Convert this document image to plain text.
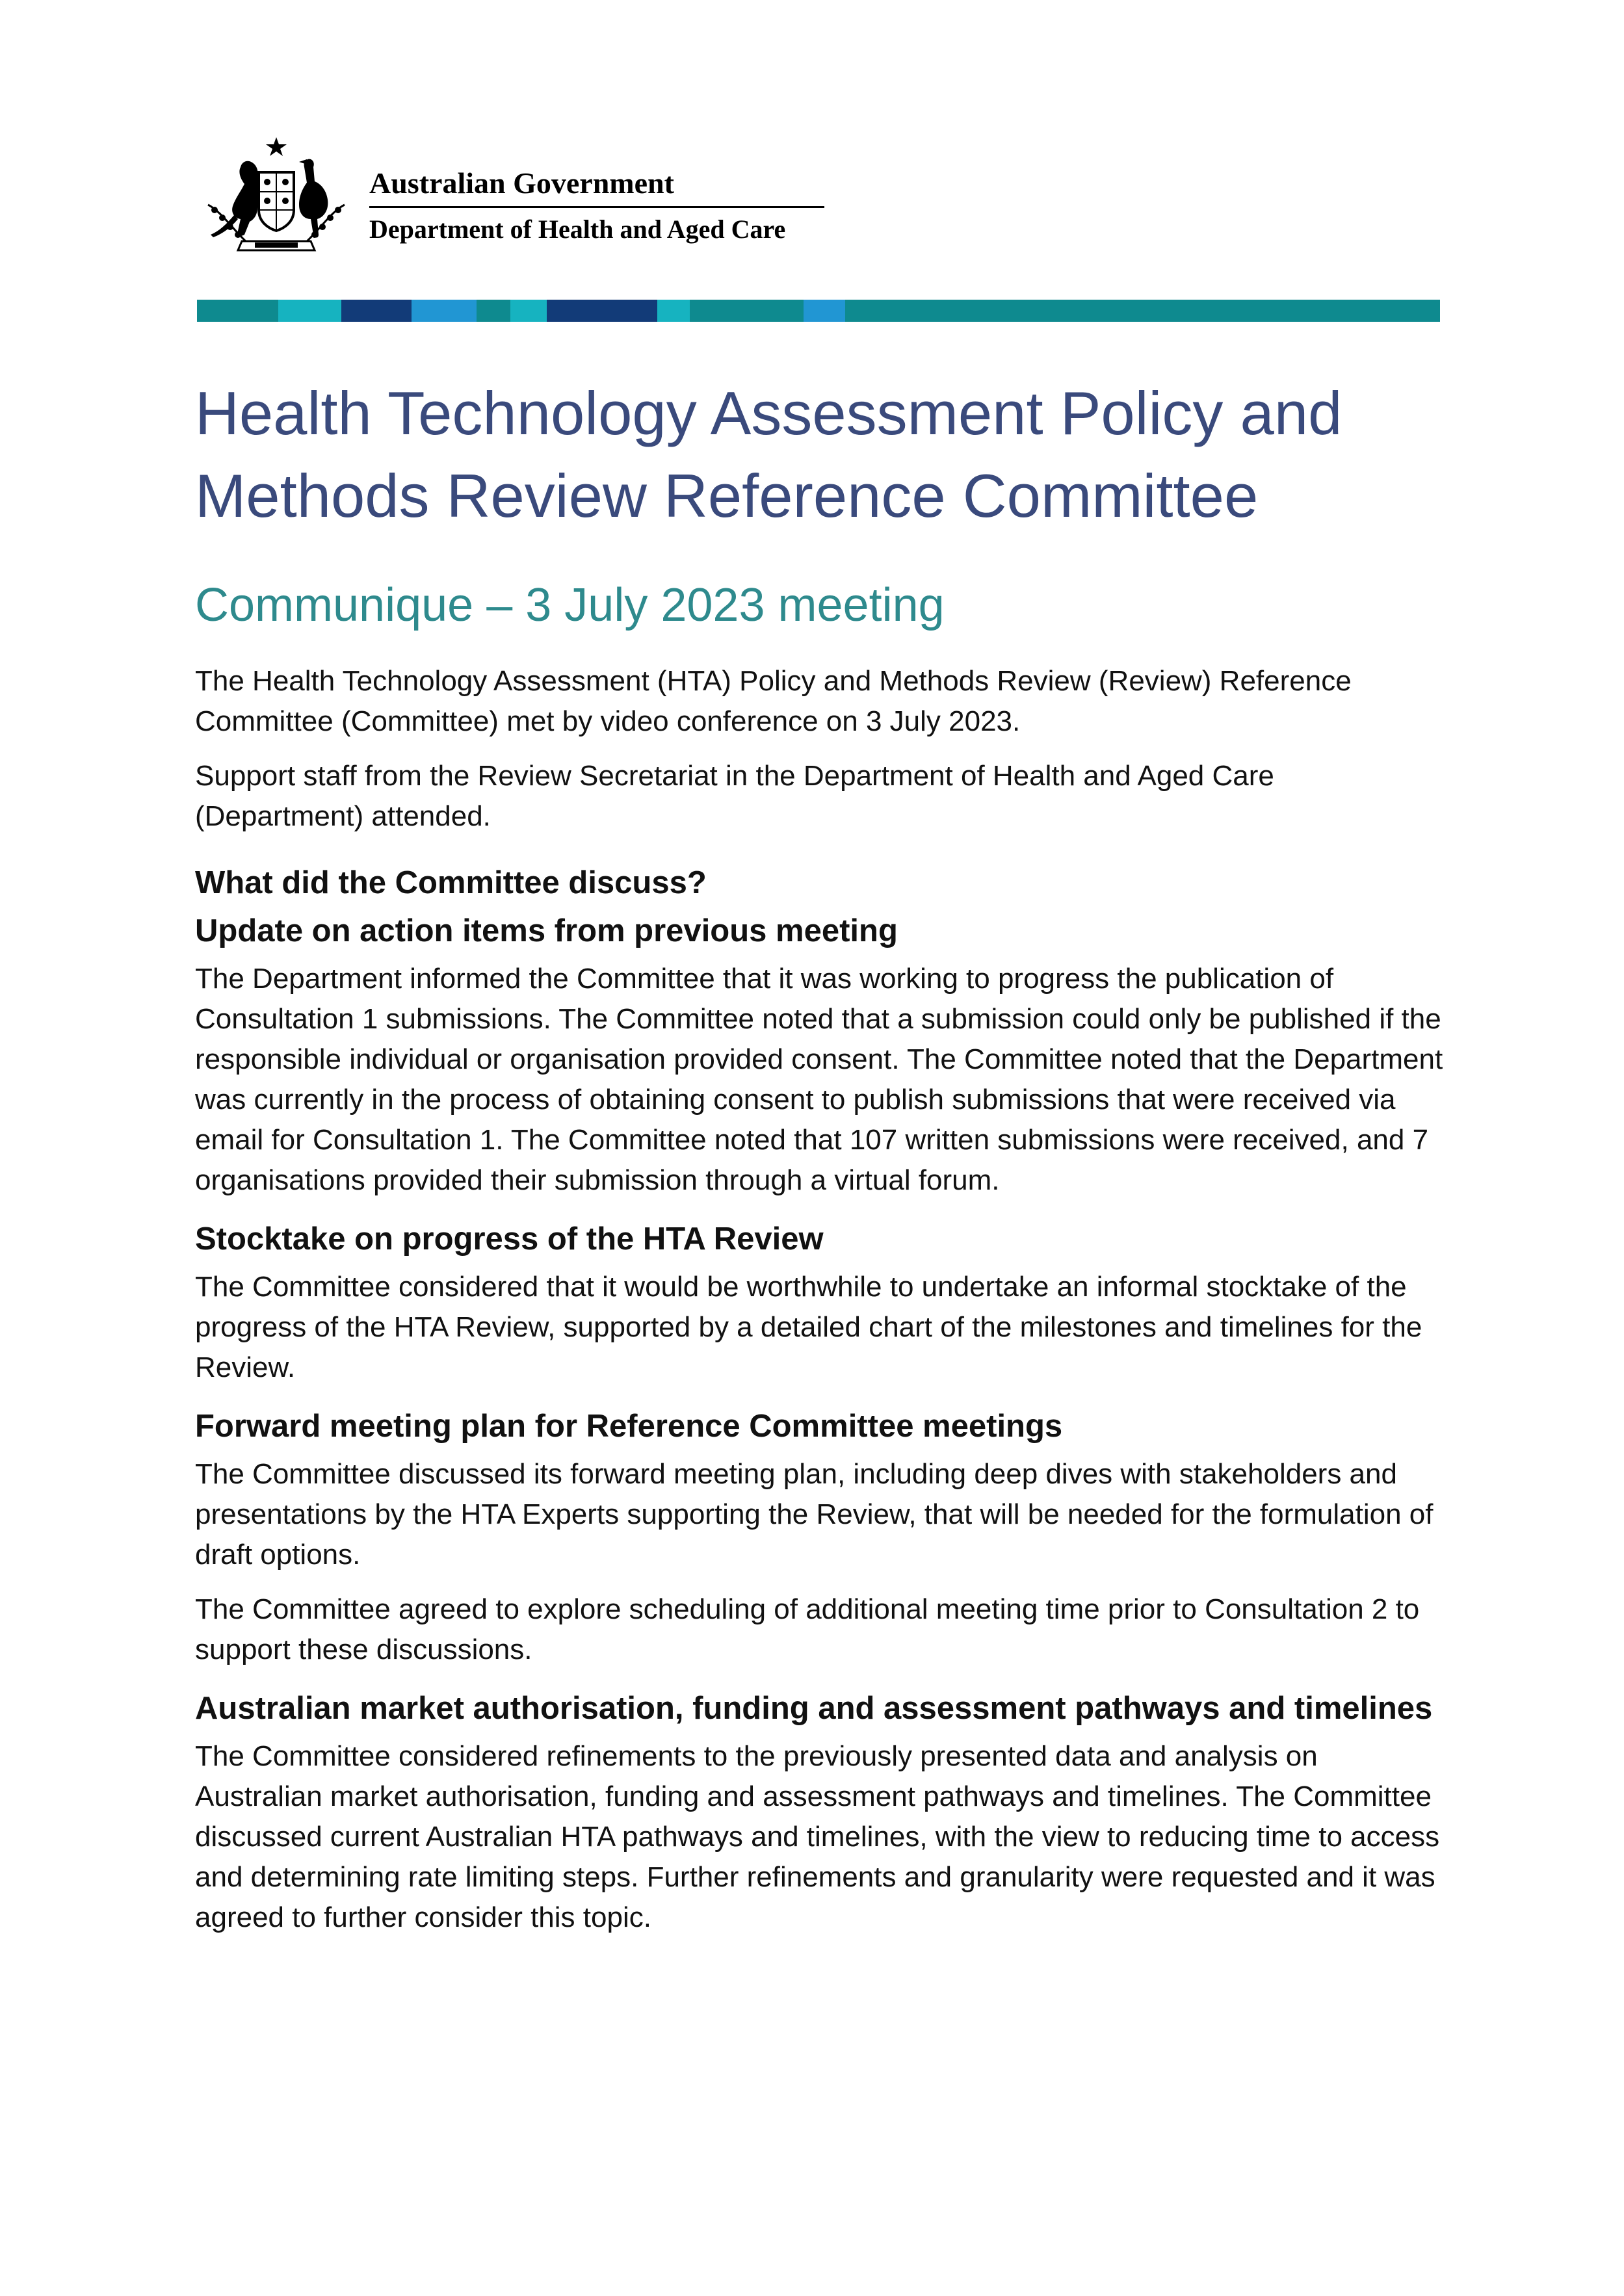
Australian Government
Department of Health and Aged Care
Health Technology Assessment Policy and Methods Review Reference Committee
Communique – 3 July 2023 meeting

The Health Technology Assessment (HTA) Policy and Methods Review (Review) Reference Committee (Committee) met by video conference on 3 July 2023.

Support staff from the Review Secretariat in the Department of Health and Aged Care (Department) attended.

What did the Committee discuss?
Update on action items from previous meeting

The Department informed the Committee that it was working to progress the publication of Consultation 1 submissions. The Committee noted that a submission could only be published if the responsible individual or organisation provided consent. The Committee noted that the Department was currently in the process of obtaining consent to publish submissions that were received via email for Consultation 1. The Committee noted that 107 written submissions were received, and 7 organisations provided their submission through a virtual forum.

Stocktake on progress of the HTA Review

The Committee considered that it would be worthwhile to undertake an informal stocktake of the progress of the HTA Review, supported by a detailed chart of the milestones and timelines for the Review.

Forward meeting plan for Reference Committee meetings

The Committee discussed its forward meeting plan, including deep dives with stakeholders and presentations by the HTA Experts supporting the Review, that will be needed for the formulation of draft options.

The Committee agreed to explore scheduling of additional meeting time prior to Consultation 2 to support these discussions.

Australian market authorisation, funding and assessment pathways and timelines

The Committee considered refinements to the previously presented data and analysis on Australian market authorisation, funding and assessment pathways and timelines. The Committee discussed current Australian HTA pathways and timelines, with the view to reducing time to access and determining rate limiting steps. Further refinements and granularity were requested and it was agreed to further consider this topic.
